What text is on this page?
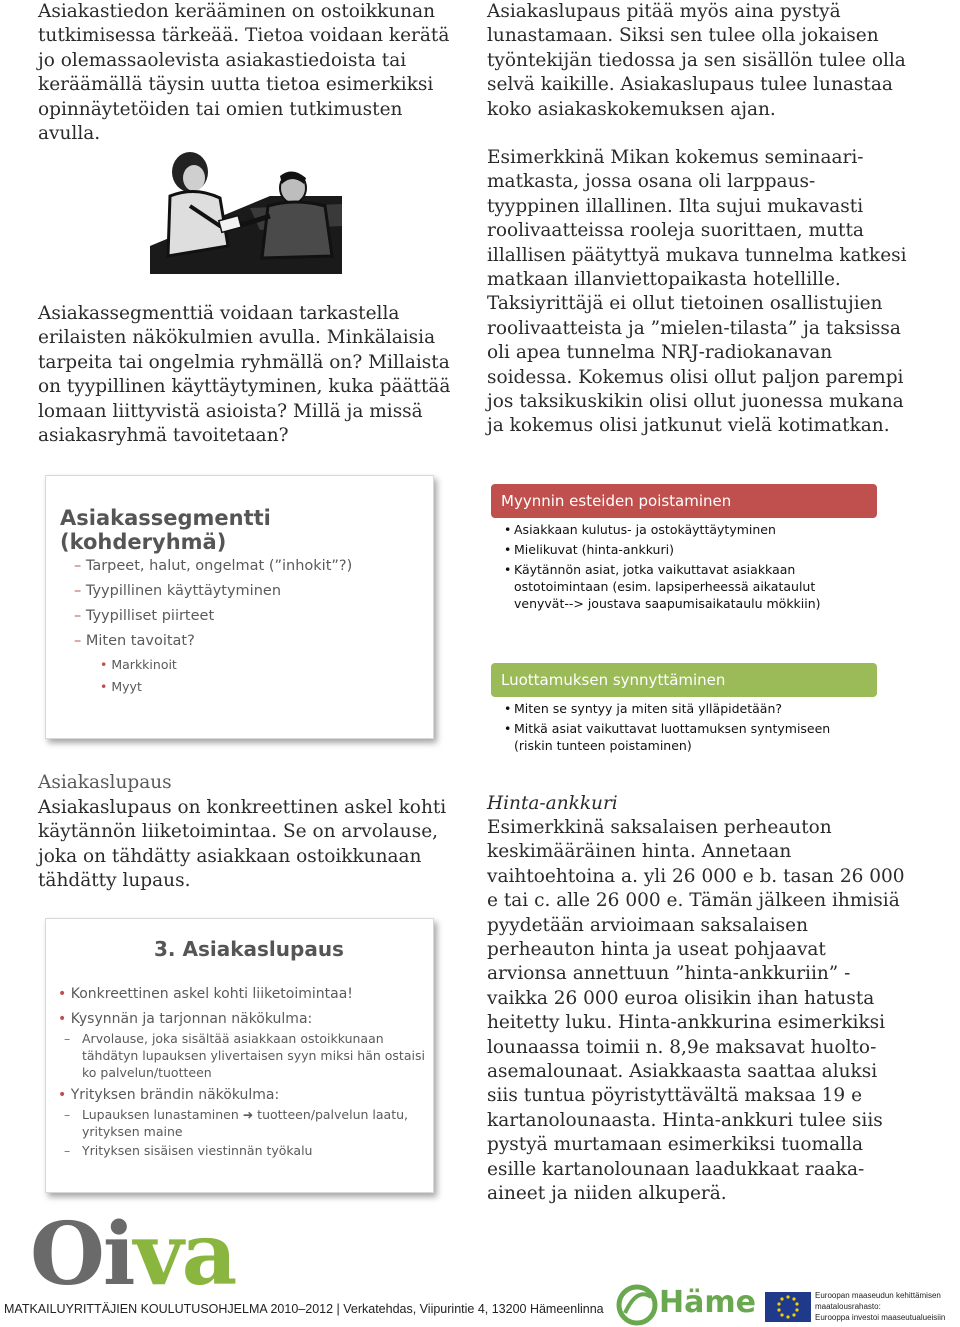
Asiakastiedon kerääminen on ostoikkunan tutkimisessa tärkeää. Tietoa voidaan kerätä jo olemassaolevista asiakastiedoista tai keräämällä täysin uutta tietoa esimerkiksi opinnäytetöiden tai omien tutkimusten avulla.

Asiakassegmenttiä voidaan tarkastella erilaisten näkökulmien avulla. Minkälaisia tarpeita tai ongelmia ryhmällä on? Millaista on tyypillinen käyttäytyminen, kuka päättää lomaan liittyvistä asioista? Millä ja missä asiakasryhmä tavoitetaan?

Asiakassegmentti (kohderyhmä)
– Tarpeet, halut, ongelmat (”inhokit”?)
– Tyypillinen käyttäytyminen
– Tyypilliset piirteet
– Miten tavoitat?
• Markkinoit
• Myyt

Asiakaslupaus

Asiakaslupaus on konkreettinen askel kohti käytännön liiketoimintaa. Se on arvolause, joka on tähdätty asiakkaan ostoikkunaan tähdätty lupaus.

3. Asiakaslupaus
• Konkreettinen askel kohti liiketoimintaa!
• Kysynnän ja tarjonnan näkökulma:
– Arvolause, joka sisältää asiakkaan ostoikkunaan tähdätyn lupauksen ylivertaisen syyn miksi hän ostaisi ko palvelun/tuotteen
• Yrityksen brändin näkökulma:
– Lupauksen lunastaminen ➜ tuotteen/palvelun laatu, yrityksen maine
– Yrityksen sisäisen viestinnän työkalu

Asiakaslupaus pitää myös aina pystyä lunastamaan. Siksi sen tulee olla jokaisen työntekijän tiedossa ja sen sisällön tulee olla selvä kaikille. Asiakaslupaus tulee lunastaa koko asiakaskokemuksen ajan.

Esimerkkinä Mikan kokemus seminaari-matkasta, jossa osana oli larppaus-tyyppinen illallinen. Ilta sujui mukavasti roolivaatteissa rooleja suorittaen, mutta illallisen päätyttyä mukava tunnelma katkesi matkaan illanviettopaikasta hotellille. Taksiyrittäjä ei ollut tietoinen osallistujien roolivaatteista ja ”mielen-tilasta” ja taksissa oli apea tunnelma NRJ-radiokanavan soidessa. Kokemus olisi ollut paljon parempi jos taksikuskikin olisi ollut juonessa mukana ja kokemus olisi jatkunut vielä kotimatkan.

Myynnin esteiden poistaminen
• Asiakkaan kulutus- ja ostokäyttäytyminen
• Mielikuvat (hinta-ankkuri)
• Käytännön asiat, jotka vaikuttavat asiakkaan ostotoimintaan (esim. lapsiperheessä aikataulut venyvät--> joustava saapumisaikataulu mökkiin)
Luottamuksen synnyttäminen
• Miten se syntyy ja miten sitä ylläpidetään?
• Mitkä asiat vaikuttavat luottamuksen syntymiseen (riskin tunteen poistaminen)

Hinta-ankkuri

Esimerkkinä saksalaisen perheauton keskimääräinen hinta. Annetaan vaihtoehtoina a. yli 26 000 e b. tasan 26 000 e tai c. alle 26 000 e. Tämän jälkeen ihmisiä pyydetään arvioimaan saksalaisen perheauton hinta ja useat pohjaavat arvionsa annettuun ”hinta-ankkuriin” - vaikka 26 000 euroa olisikin ihan hatusta heitetty luku. Hinta-ankkurina esimerkiksi lounaassa toimii n. 8,9e maksavat huolto-asemalounaat. Asiakkaasta saattaa aluksi siis tuntua pöyristyttävältä maksaa 19 e kartanolounaasta. Hinta-ankkuri tulee siis pystyä murtamaan esimerkiksi tuomalla esille kartanolounaan laadukkaat raaka-aineet ja niiden alkuperä.

Oiva
MATKAILUYRITTÄJIEN KOULUTUSOHJELMA 2010–2012 | Verkatehdas, Viipurintie 4, 13200 Hämeenlinna Häme	Euroopan maaseudun kehittämisen maatalousrahasto:
Eurooppa investoi maaseutualueisiin
